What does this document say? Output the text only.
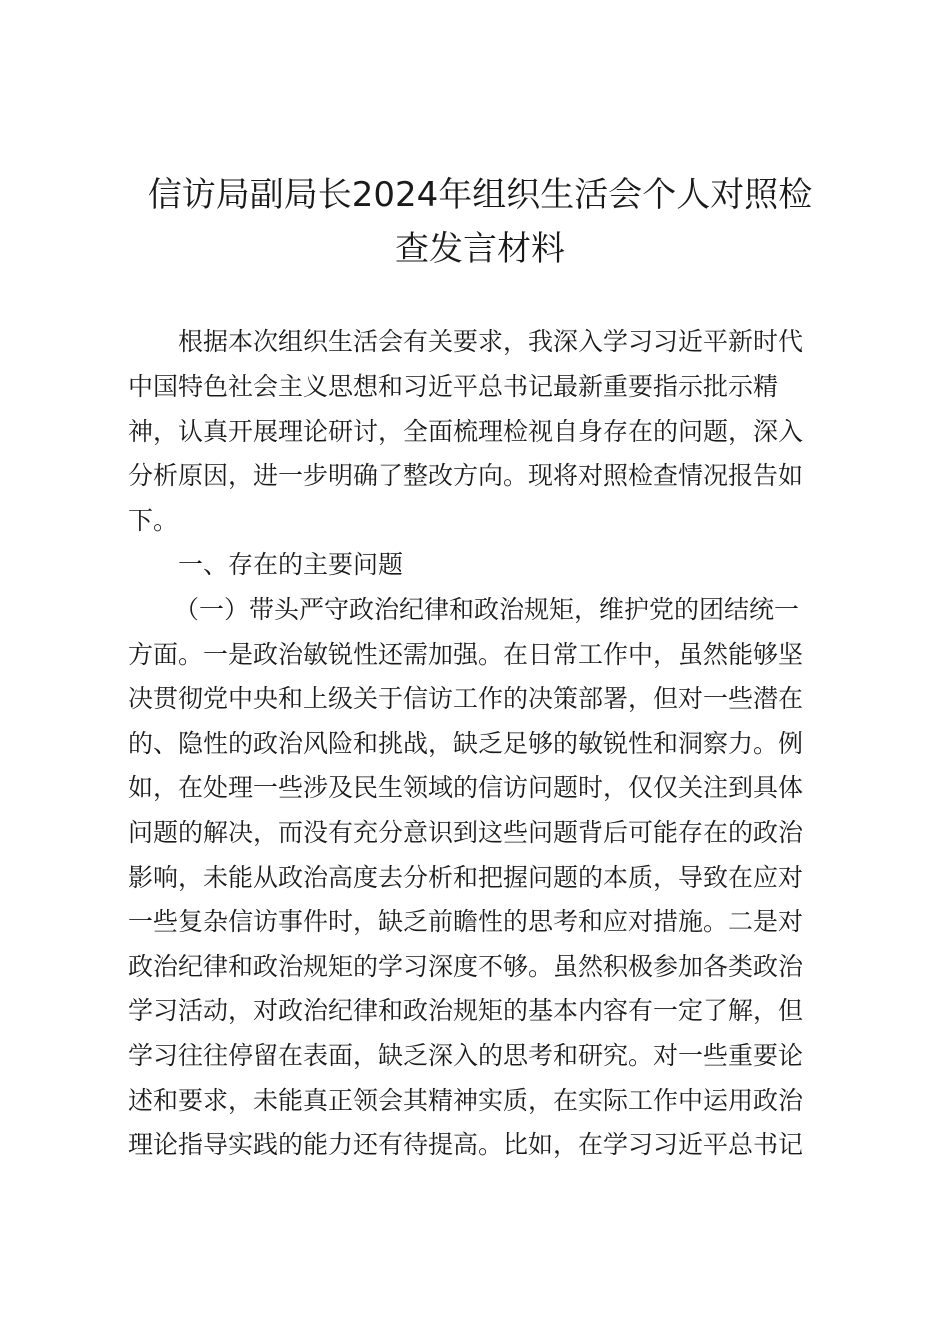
信访局副局长2024年组织生活会个人对照检
查发言材料

根据本次组织生活会有关要求，我深入学习习近平新时代

中国特色社会主义思想和习近平总书记最新重要指示批示精

神，认真开展理论研讨，全面梳理检视自身存在的问题，深入

分析原因，进一步明确了整改方向。现将对照检查情况报告如

下。

一、存在的主要问题

（一）带头严守政治纪律和政治规矩，维护党的团结统一

方面。一是政治敏锐性还需加强。在日常工作中，虽然能够坚

决贯彻党中央和上级关于信访工作的决策部署，但对一些潜在

的、隐性的政治风险和挑战，缺乏足够的敏锐性和洞察力。例

如，在处理一些涉及民生领域的信访问题时，仅仅关注到具体

问题的解决，而没有充分意识到这些问题背后可能存在的政治

影响，未能从政治高度去分析和把握问题的本质，导致在应对

一些复杂信访事件时，缺乏前瞻性的思考和应对措施。二是对

政治纪律和政治规矩的学习深度不够。虽然积极参加各类政治

学习活动，对政治纪律和政治规矩的基本内容有一定了解，但

学习往往停留在表面，缺乏深入的思考和研究。对一些重要论

述和要求，未能真正领会其精神实质，在实际工作中运用政治

理论指导实践的能力还有待提高。比如，在学习习近平总书记
